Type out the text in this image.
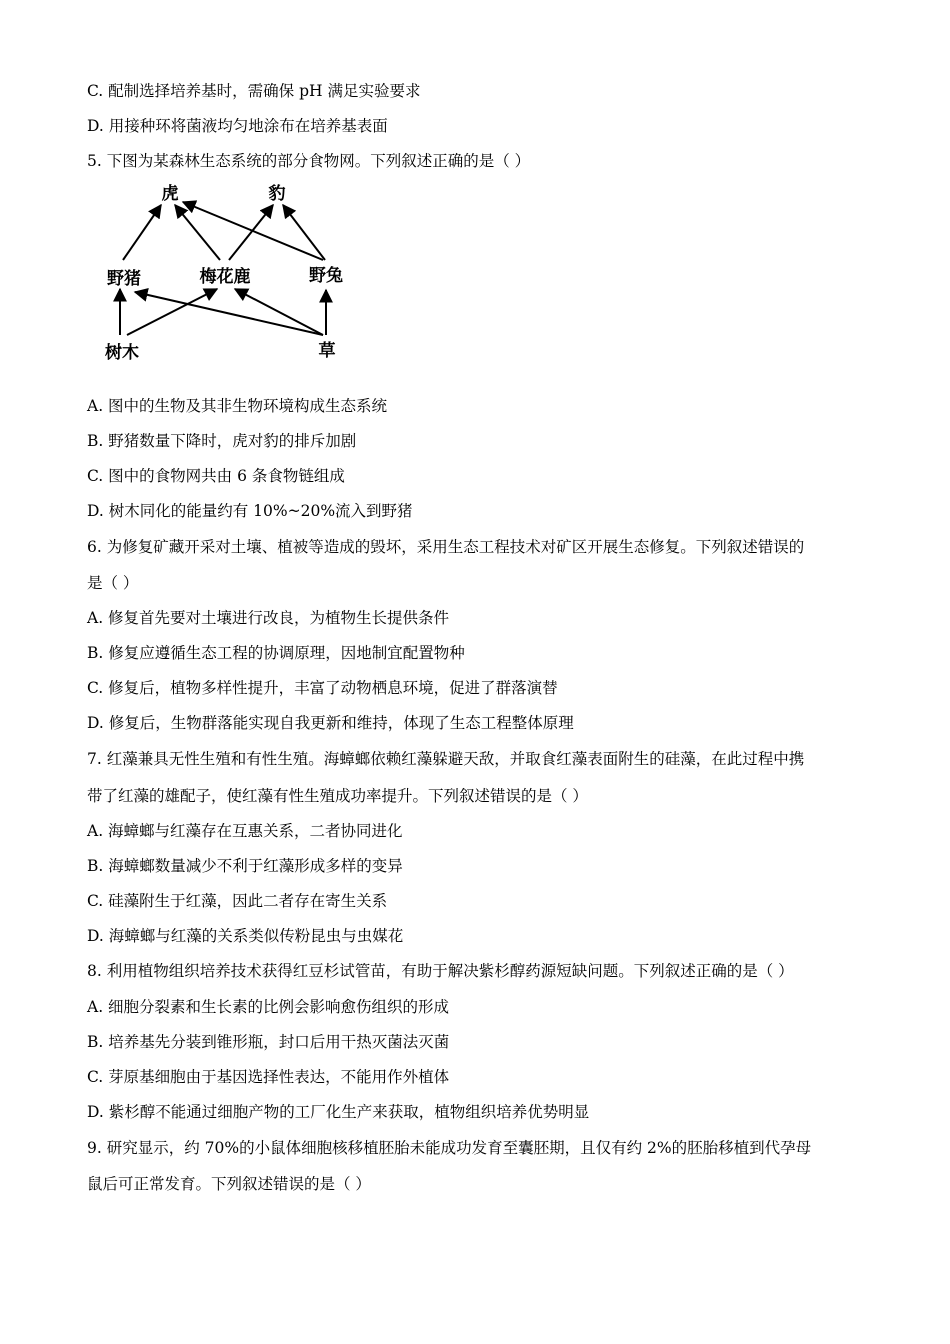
C. 配制选择培养基时，需确保 pH 满足实验要求
D. 用接种环将菌液均匀地涂布在培养基表面
5. 下图为某森林生态系统的部分食物网。下列叙述正确的是（ ）
虎	豹
野猪	梅花鹿	野兔
树木	草
A. 图中的生物及其非生物环境构成生态系统
B. 野猪数量下降时，虎对豹的排斥加剧
C. 图中的食物网共由 6 条食物链组成
D. 树木同化的能量约有 10%~20%流入到野猪
6. 为修复矿藏开采对土壤、植被等造成的毁坏，采用生态工程技术对矿区开展生态修复。下列叙述错误的
是（ ）
A. 修复首先要对土壤进行改良，为植物生长提供条件
B. 修复应遵循生态工程的协调原理，因地制宜配置物种
C. 修复后，植物多样性提升，丰富了动物栖息环境，促进了群落演替
D. 修复后，生物群落能实现自我更新和维持，体现了生态工程整体原理
7. 红藻兼具无性生殖和有性生殖。海蟑螂依赖红藻躲避天敌，并取食红藻表面附生的硅藻，在此过程中携
带了红藻的雄配子，使红藻有性生殖成功率提升。下列叙述错误的是（ ）
A. 海蟑螂与红藻存在互惠关系，二者协同进化
B. 海蟑螂数量减少不利于红藻形成多样的变异
C. 硅藻附生于红藻，因此二者存在寄生关系
D. 海蟑螂与红藻的关系类似传粉昆虫与虫媒花
8. 利用植物组织培养技术获得红豆杉试管苗，有助于解决紫杉醇药源短缺问题。下列叙述正确的是（ ）
A. 细胞分裂素和生长素的比例会影响愈伤组织的形成
B. 培养基先分装到锥形瓶，封口后用干热灭菌法灭菌
C. 芽原基细胞由于基因选择性表达，不能用作外植体
D. 紫杉醇不能通过细胞产物的工厂化生产来获取，植物组织培养优势明显
9. 研究显示，约 70%的小鼠体细胞核移植胚胎未能成功发育至囊胚期，且仅有约 2%的胚胎移植到代孕母
鼠后可正常发育。下列叙述错误的是（ ）
